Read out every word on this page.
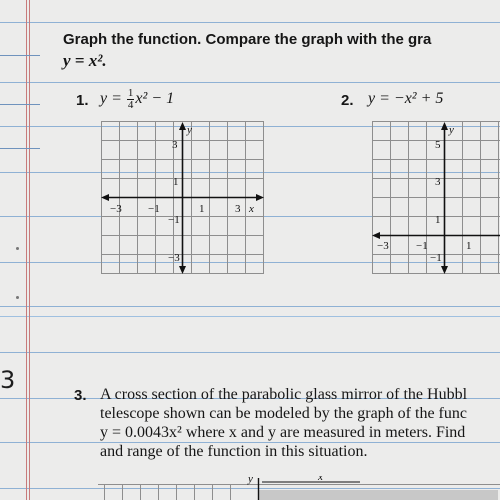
Graph the function. Compare the graph with the gra
y = x².
1. $y = \frac{1}{4} x^2 - 1$
y
x
3
1
−1
−3
−3 −1	1	3
2. y = −x² + 5
y
5
3
1
−1
−3 −1	1
3
3. A cross section of the parabolic glass mirror of the Hubbl
telescope shown can be modeled by the graph of the func
y = 0.0043x² where x and y are measured in meters. Find
and range of the function in this situation.
y	x
